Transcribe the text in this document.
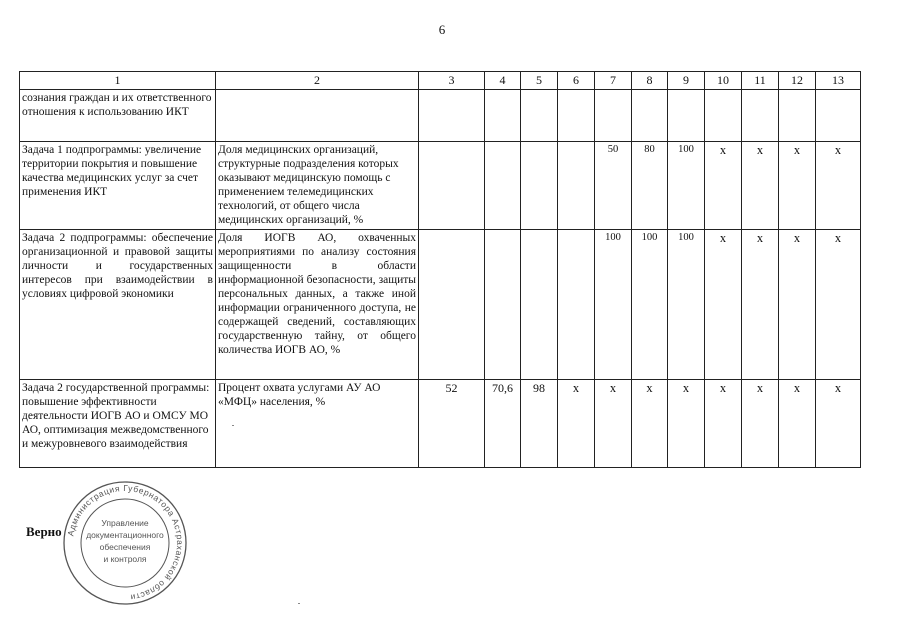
6
1	2	3	4	5	6	7	8	9	10	11	12	13
сознания граждан и их ответственного отношения к использованию ИКТ												
Задача 1 подпрограммы: увеличение территории покрытия и повышение качества медицинских услуг за счет применения ИКТ	Доля медицинских организаций, структурные подразделения которых оказывают медицинскую помощь с применением телемедицинских технологий, от общего числа медицинских организаций, %					50	80	100	х	х	х	х
Задача 2 подпрограммы: обеспечение организационной и правовой защиты личности и государственных интересов при взаимодействии в условиях цифровой экономики	Доля ИОГВ АО, охваченных мероприятиями по анализу состояния защищенности в области информационной безопасности, защиты персональных данных, а также иной информации ограниченного доступа, не содержащей сведений, составляющих государственную тайну, от общего количества ИОГВ АО, %					100	100	100	х	х	х	х
Задача 2 государственной программы: повышение эффективности деятельности ИОГВ АО и ОМСУ МО АО, оптимизация межведомственного и межуровневого взаимодействия	Процент охвата услугами АУ АО «МФЦ» населения, %	52	70,6	98	х	х	х	х	х	х	х	х
Верно Администрация Губернатора Астраханской области
Управление
документационного
обеспечения
и контроля
